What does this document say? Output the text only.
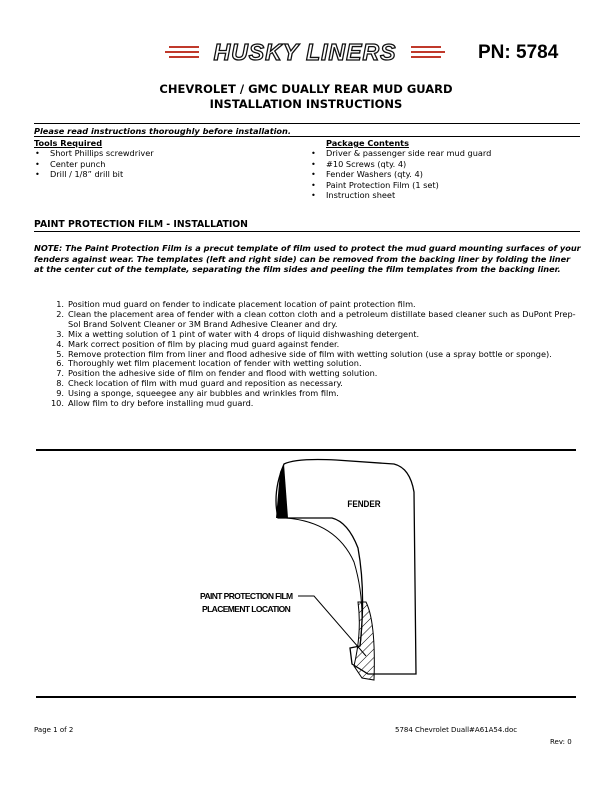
HUSKY LINERS	PN: 5784
CHEVROLET / GMC DUALLY REAR MUD GUARD
INSTALLATION INSTRUCTIONS
Please read instructions thoroughly before installation.
Tools Required
• Short Phillips screwdriver
• Center punch
• Drill / 1/8” drill bit
Package Contents
• Driver & passenger side rear mud guard
• #10 Screws (qty. 4)
• Fender Washers (qty. 4)
• Paint Protection Film (1 set)
• Instruction sheet
PAINT PROTECTION FILM - INSTALLATION
NOTE: The Paint Protection Film is a precut template of film used to protect the mud guard mounting surfaces of your fenders against wear. The templates (left and right side) can be removed from the backing liner by folding the liner at the center cut of the template, separating the film sides and peeling the film templates from the backing liner.
1. Position mud guard on fender to indicate placement location of paint protection film.
2. Clean the placement area of fender with a clean cotton cloth and a petroleum distillate based cleaner such as DuPont Prep-Sol Brand Solvent Cleaner or 3M Brand Adhesive Cleaner and dry.
3. Mix a wetting solution of 1 pint of water with 4 drops of liquid dishwashing detergent.
4. Mark correct position of film by placing mud guard against fender.
5. Remove protection film from liner and flood adhesive side of film with wetting solution (use a spray bottle or sponge).
6. Thoroughly wet film placement location of fender with wetting solution.
7. Position the adhesive side of film on fender and flood with wetting solution.
8. Check location of film with mud guard and reposition as necessary.
9. Using a sponge, squeegee any air bubbles and wrinkles from film.
10. Allow film to dry before installing mud guard.
FENDER
PAINT PROTECTION FILM
PLACEMENT LOCATION
Page 1 of 2	5784 Chevrolet Duall#A61A54.doc
Rev: 0
